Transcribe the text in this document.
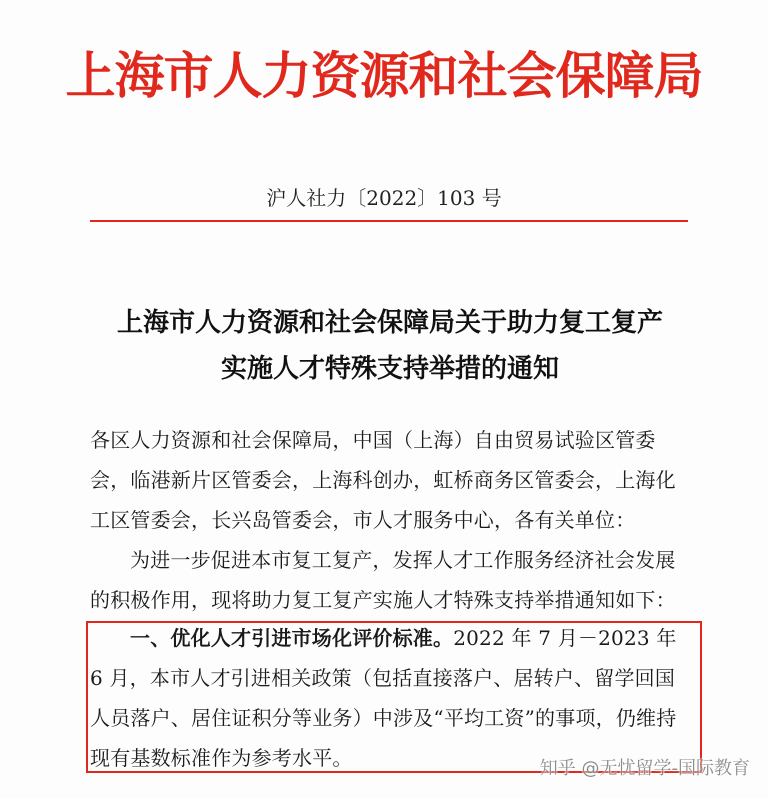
上海市人力资源和社会保障局
沪人社力〔2022〕103 号
上海市人力资源和社会保障局关于助力复工复产
实施人才特殊支持举措的通知
各区人力资源和社会保障局，中国（上海）自由贸易试验区管委会，临港新片区管委会，上海科创办，虹桥商务区管委会，上海化工区管委会，长兴岛管委会，市人才服务中心，各有关单位：
为进一步促进本市复工复产，发挥人才工作服务经济社会发展的积极作用，现将助力复工复产实施人才特殊支持举措通知如下：
一、优化人才引进市场化评价标准。2022 年 7 月－2023 年 6 月，本市人才引进相关政策（包括直接落户、居转户、留学回国人员落户、居住证积分等业务）中涉及“平均工资”的事项，仍维持现有基数标准作为参考水平。	知乎 @无忧留学-国际教育
